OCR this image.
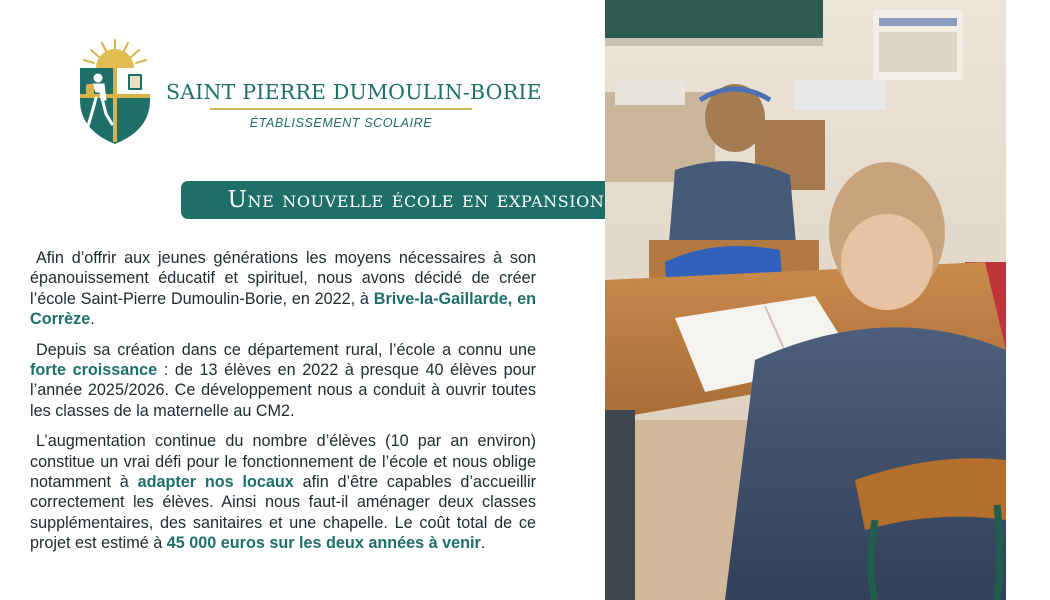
SAINT PIERRE DUMOULIN-BORIE
ÉTABLISSEMENT SCOLAIRE
Une nouvelle école en expansion

Afin d’offrir aux jeunes générations les moyens nécessaires à son épanouissement éducatif et spirituel, nous avons décidé de créer l’école Saint-Pierre Dumoulin-Borie, en 2022, à Brive-la-Gaillarde, en Corrèze.

Depuis sa création dans ce département rural, l’école a connu une forte croissance : de 13 élèves en 2022 à presque 40 élèves pour l’année 2025/2026. Ce développement nous a conduit à ouvrir toutes les classes de la maternelle au CM2.

L’augmentation continue du nombre d’élèves (10 par an environ) constitue un vrai défi pour le fonctionnement de l’école et nous oblige notamment à adapter nos locaux afin d’être capables d’accueillir correctement les élèves. Ainsi nous faut-il aménager deux classes supplémentaires, des sanitaires et une chapelle. Le coût total de ce projet est estimé à 45 000 euros sur les deux années à venir.
